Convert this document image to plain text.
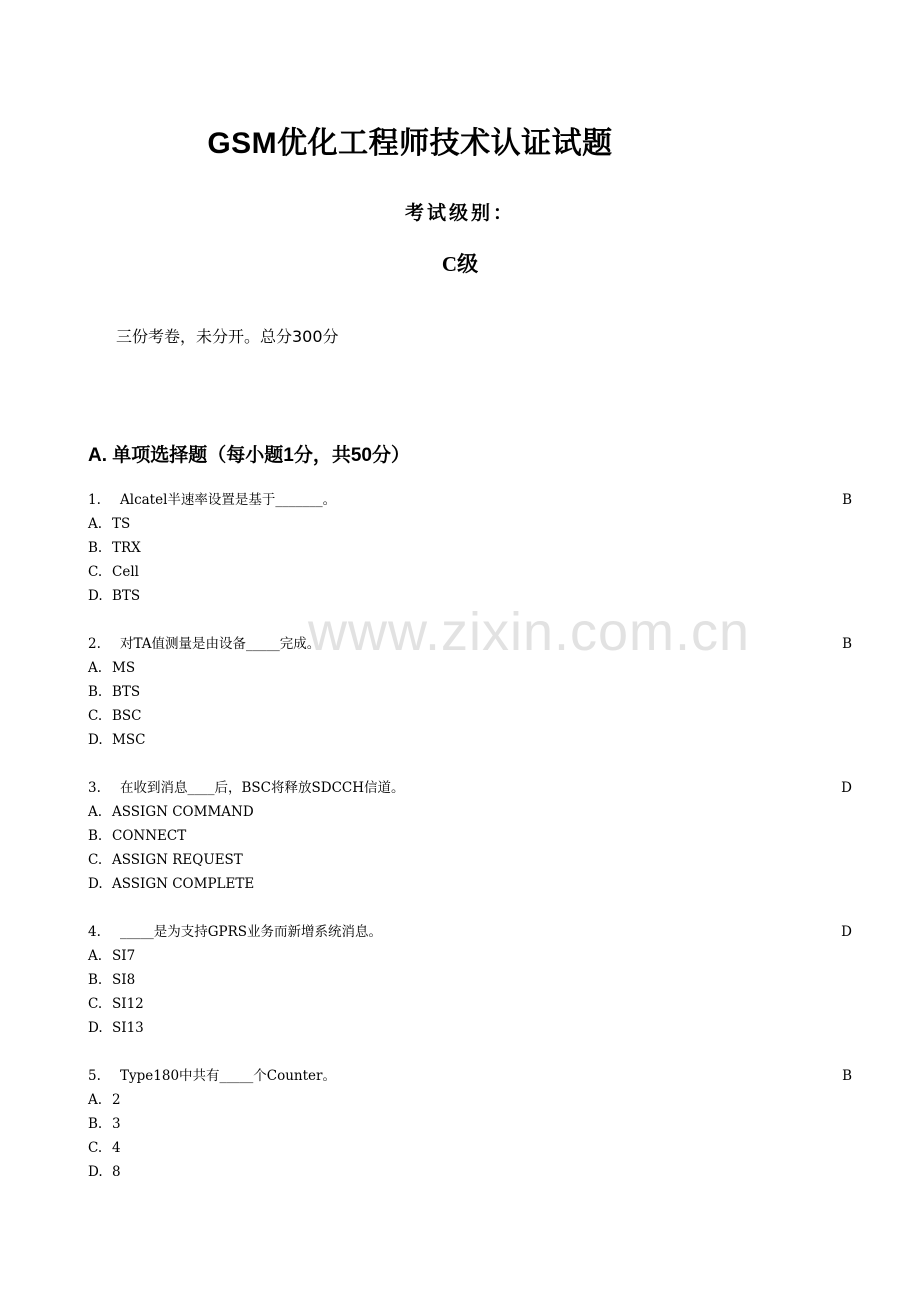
www.zixin.com.cn
GSM优化工程师技术认证试题
考试级别：
C级
三份考卷，未分开。总分300分
A. 单项选择题（每小题1分，共50分）
1.	Alcatel半速率设置是基于_______。	B
A. TS
B. TRX
C. Cell
D. BTS
2.	对TA值测量是由设备_____完成。	B
A. MS
B. BTS
C. BSC
D. MSC
3.	在收到消息____后，BSC将释放SDCCH信道。	D
A. ASSIGN COMMAND
B. CONNECT
C. ASSIGN REQUEST
D. ASSIGN COMPLETE
4.	_____是为支持GPRS业务而新增系统消息。	D
A. SI7
B. SI8
C. SI12
D. SI13
5.	Type180中共有_____个Counter。	B
A. 2
B. 3
C. 4
D. 8
